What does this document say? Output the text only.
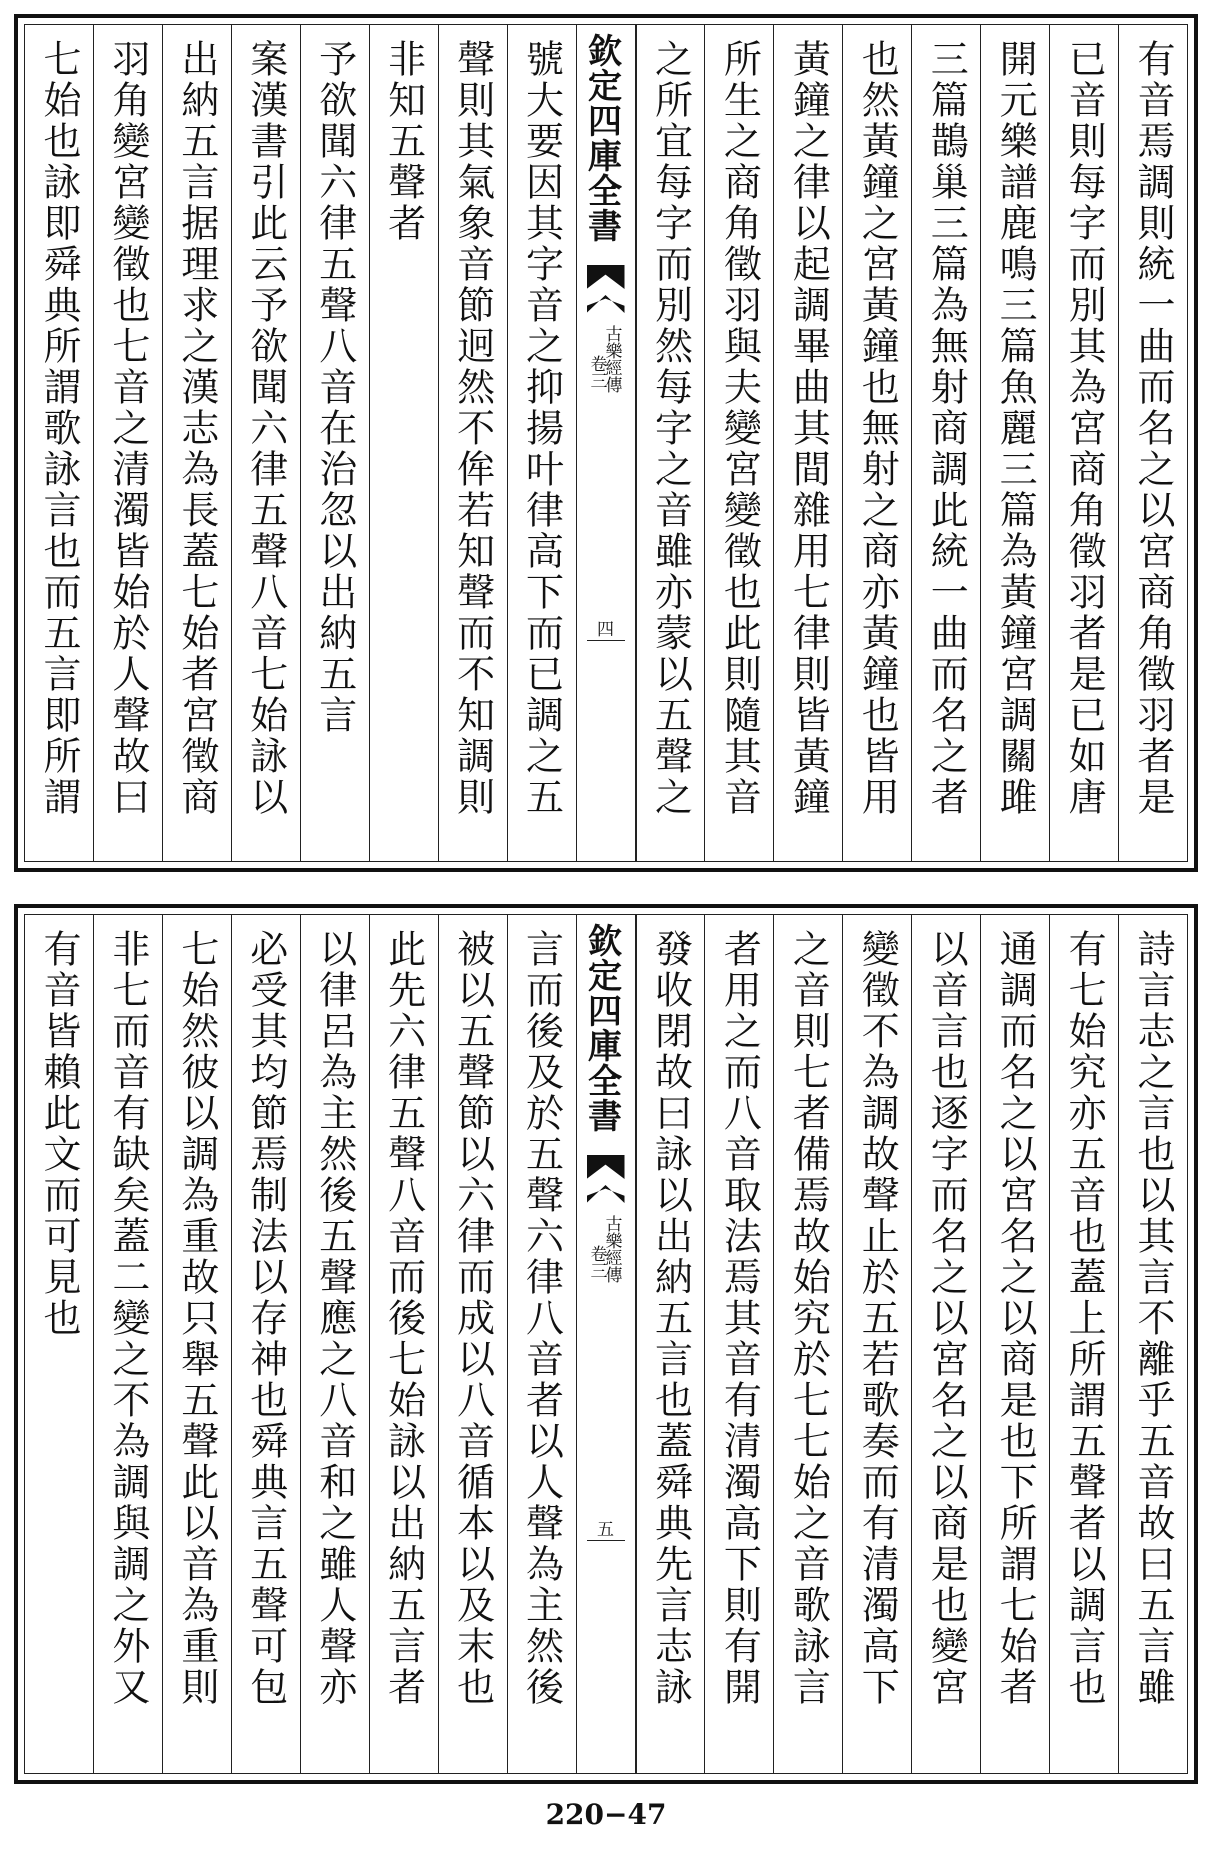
有音焉調則統一曲而名之以宮商角徵羽者是
已音則每字而別其為宮商角徵羽者是已如唐
開元樂譜鹿鳴三篇魚麗三篇為黃鐘宮調關雎
三篇鵲巢三篇為無射商調此統一曲而名之者
也然黃鐘之宮黃鐘也無射之商亦黃鐘也皆用
黃鐘之律以起調畢曲其間雜用七律則皆黃鐘
所生之商角徵羽與夫變宮變徵也此則隨其音
之所宜每字而別然每字之音雖亦蒙以五聲之
欽定四庫全書
古樂經傳
卷三
四
號大要因其字音之抑揚叶律高下而已調之五
聲則其氣象音節迥然不侔若知聲而不知調則
非知五聲者
予欲聞六律五聲八音在治忽以出納五言
案漢書引此云予欲聞六律五聲八音七始詠以
出納五言据理求之漢志為長蓋七始者宮徵商
羽角變宮變徵也七音之清濁皆始於人聲故曰
七始也詠即舜典所謂歌詠言也而五言即所謂
詩言志之言也以其言不離乎五音故曰五言雖
有七始究亦五音也蓋上所謂五聲者以調言也
通調而名之以宮名之以商是也下所謂七始者
以音言也逐字而名之以宮名之以商是也變宮
變徵不為調故聲止於五若歌奏而有清濁高下
之音則七者備焉故始究於七七始之音歌詠言
者用之而八音取法焉其音有清濁高下則有開
發收閉故曰詠以出納五言也蓋舜典先言志詠
欽定四庫全書
古樂經傳
卷三
五
言而後及於五聲六律八音者以人聲為主然後
被以五聲節以六律而成以八音循本以及末也
此先六律五聲八音而後七始詠以出納五言者
以律呂為主然後五聲應之八音和之雖人聲亦
必受其均節焉制法以存神也舜典言五聲可包
七始然彼以調為重故只舉五聲此以音為重則
非七而音有缺矣蓋二變之不為調與調之外又
有音皆賴此文而可見也
220−47
